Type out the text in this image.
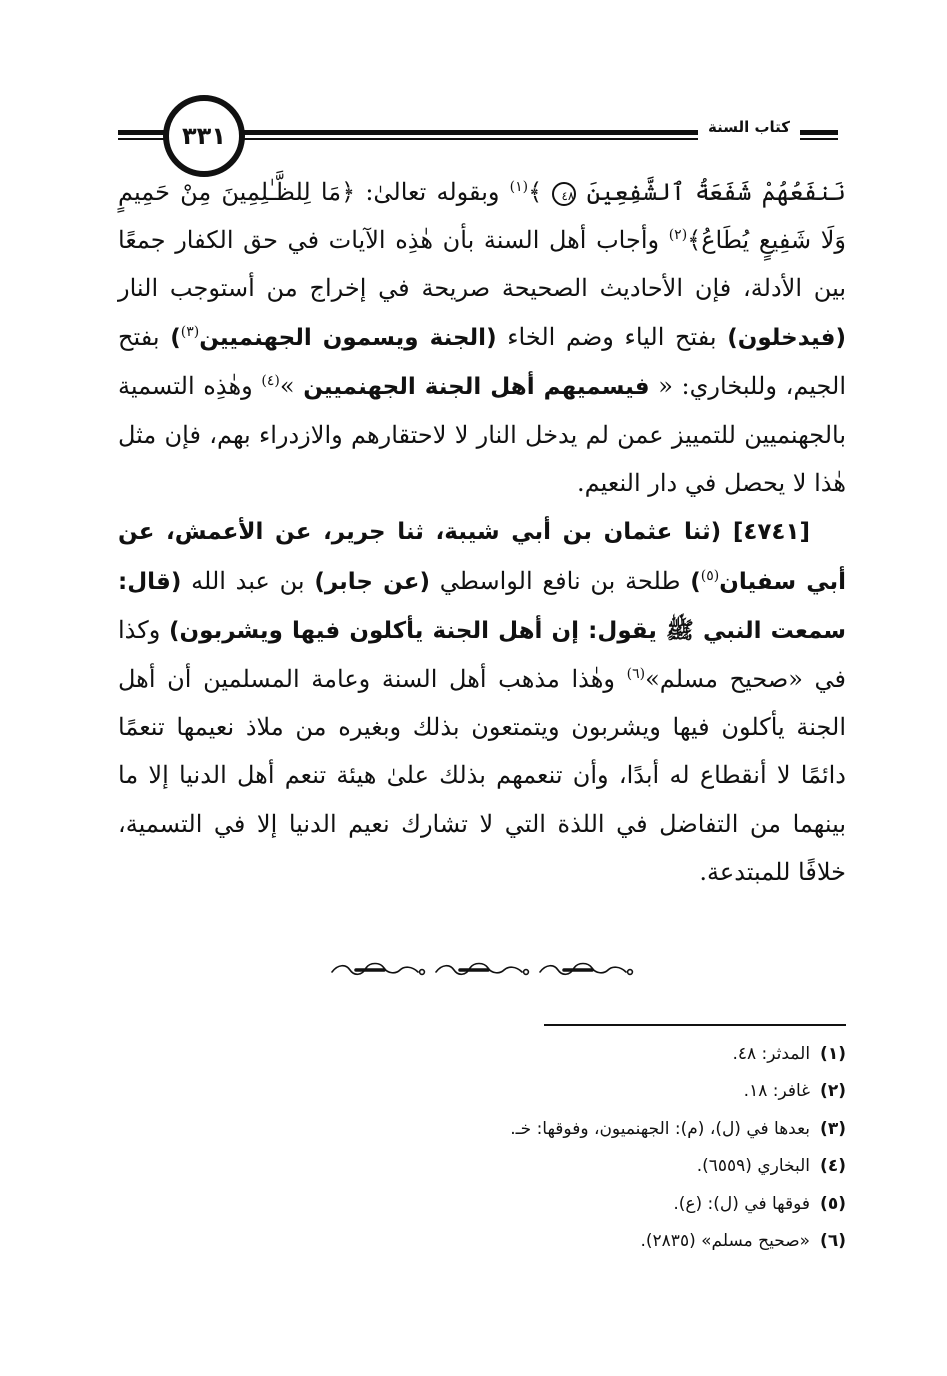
٣٣١	كتاب السنة

نَنفَعُهُمْ شَفَعَةُ ٱلشَّفِعِينَ ٤٨ ﴾$^{(١)}$ وبقوله تعالىٰ: ﴿مَا لِلظَّـٰلِمِينَ مِنْ حَمِيمٍ وَلَا شَفِيعٍ يُطَاعُ﴾$^{(٢)}$ وأجاب أهل السنة بأن هٰذِه الآيات في حق الكفار جمعًا بين الأدلة، فإن الأحاديث الصحيحة صريحة في إخراج من أستوجب النار (فيدخلون) بفتح الياء وضم الخاء (الجنة ويسمون الجهنميين$^{(٣)}$) بفتح الجيم، وللبخاري: « فيسميهم أهل الجنة الجهنميين »$^{(٤)}$ وهٰذِه التسمية بالجهنميين للتمييز عمن لم يدخل النار لا لاحتقارهم والازدراء بهم، فإن مثل هٰذا لا يحصل في دار النعيم.

[٤٧٤١] (ثنا عثمان بن أبي شيبة، ثنا جرير، عن الأعمش، عن أبي سفيان$^{(٥)}$) طلحة بن نافع الواسطي (عن جابر) بن عبد الله (قال: سمعت النبي ﷺ يقول: إن أهل الجنة يأكلون فيها ويشربون) وكذا في «صحيح مسلم»$^{(٦)}$ وهٰذا مذهب أهل السنة وعامة المسلمين أن أهل الجنة يأكلون فيها ويشربون ويتمتعون بذلك وبغيره من ملاذ نعيمها تنعمًا دائمًا لا أنقطاع له أبدًا، وأن تنعمهم بذلك علىٰ هيئة تنعم أهل الدنيا إلا ما بينهما من التفاضل في اللذة التي لا تشارك نعيم الدنيا إلا في التسمية، خلافًا للمبتدعة.

(١)المدثر: ٤٨.
(٢)غافر: ١٨.
(٣)بعدها في (ل)، (م): الجهنميون، وفوقها: خـ.
(٤)البخاري (٦٥٥٩).
(٥)فوقها في (ل): (ع).
(٦)«صحيح مسلم» (٢٨٣٥).
